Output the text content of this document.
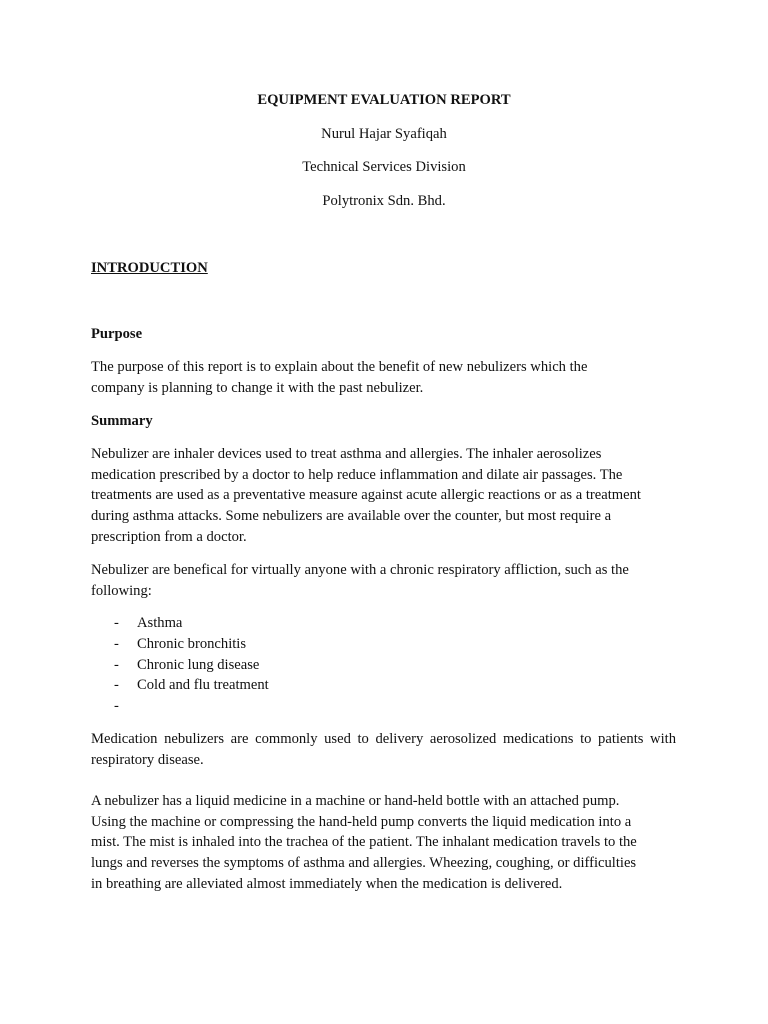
EQUIPMENT EVALUATION REPORT
Nurul Hajar Syafiqah
Technical Services Division
Polytronix Sdn. Bhd.
INTRODUCTION
Purpose
The purpose of this report is to explain about the benefit of new nebulizers which the
company is planning to change it with the past nebulizer.
Summary
Nebulizer are inhaler devices used to treat asthma and allergies. The inhaler aerosolizes
medication prescribed by a doctor to help reduce inflammation and dilate air passages. The
treatments are used as a preventative measure against acute allergic reactions or as a treatment
during asthma attacks. Some nebulizers are available over the counter, but most require a
prescription from a doctor.
Nebulizer are benefical for virtually anyone with a chronic respiratory affliction, such as the
following:
- Asthma
- Chronic bronchitis
- Chronic lung disease
- Cold and flu treatment
-
Medication nebulizers are commonly used to delivery aerosolized medications to patients with respiratory disease.
A nebulizer has a liquid medicine in a machine or hand-held bottle with an attached pump.
Using the machine or compressing the hand-held pump converts the liquid medication into a
mist. The mist is inhaled into the trachea of the patient. The inhalant medication travels to the
lungs and reverses the symptoms of asthma and allergies. Wheezing, coughing, or difficulties
in breathing are alleviated almost immediately when the medication is delivered.
